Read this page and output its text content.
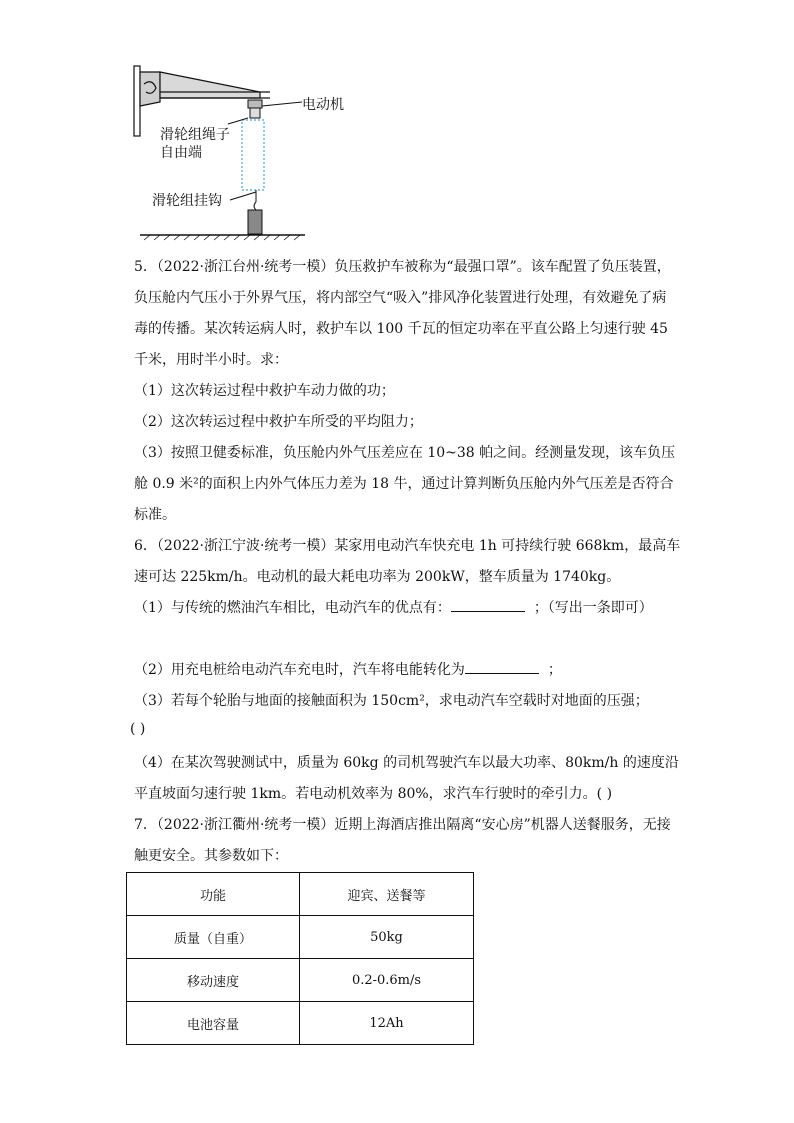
电动机
滑轮组绳子
自由端
滑轮组挂钩
5．（2022·浙江台州·统考一模）负压救护车被称为“最强口罩”。该车配置了负压装置，
负压舱内气压小于外界气压，将内部空气“吸入”排风净化装置进行处理，有效避免了病
毒的传播。某次转运病人时，救护车以 100 千瓦的恒定功率在平直公路上匀速行驶 45
千米，用时半小时。求：
（1）这次转运过程中救护车动力做的功；
（2）这次转运过程中救护车所受的平均阻力；
（3）按照卫健委标准，负压舱内外气压差应在 10~38 帕之间。经测量发现，该车负压
舱 0.9 米²的面积上内外气体压力差为 18 牛，通过计算判断负压舱内外气压差是否符合
标准。
6．（2022·浙江宁波·统考一模）某家用电动汽车快充电 1h 可持续行驶 668km，最高车
速可达 225km/h。电动机的最大耗电功率为 200kW，整车质量为 1740kg。
（1）与传统的燃油汽车相比，电动汽车的优点有：	；（写出一条即可）
（2）用充电桩给电动汽车充电时，汽车将电能转化为	；
（3）若每个轮胎与地面的接触面积为 150cm²，求电动汽车空载时对地面的压强；
( )
（4）在某次驾驶测试中，质量为 60kg 的司机驾驶汽车以最大功率、80km/h 的速度沿
平直坡面匀速行驶 1km。若电动机效率为 80%，求汽车行驶时的牵引力。( )
7．（2022·浙江衢州·统考一模）近期上海酒店推出隔离“安心房”机器人送餐服务，无接
触更安全。其参数如下：
功能	迎宾、送餐等
质量（自重）	50kg
移动速度	0.2-0.6m/s
电池容量	12Ah
